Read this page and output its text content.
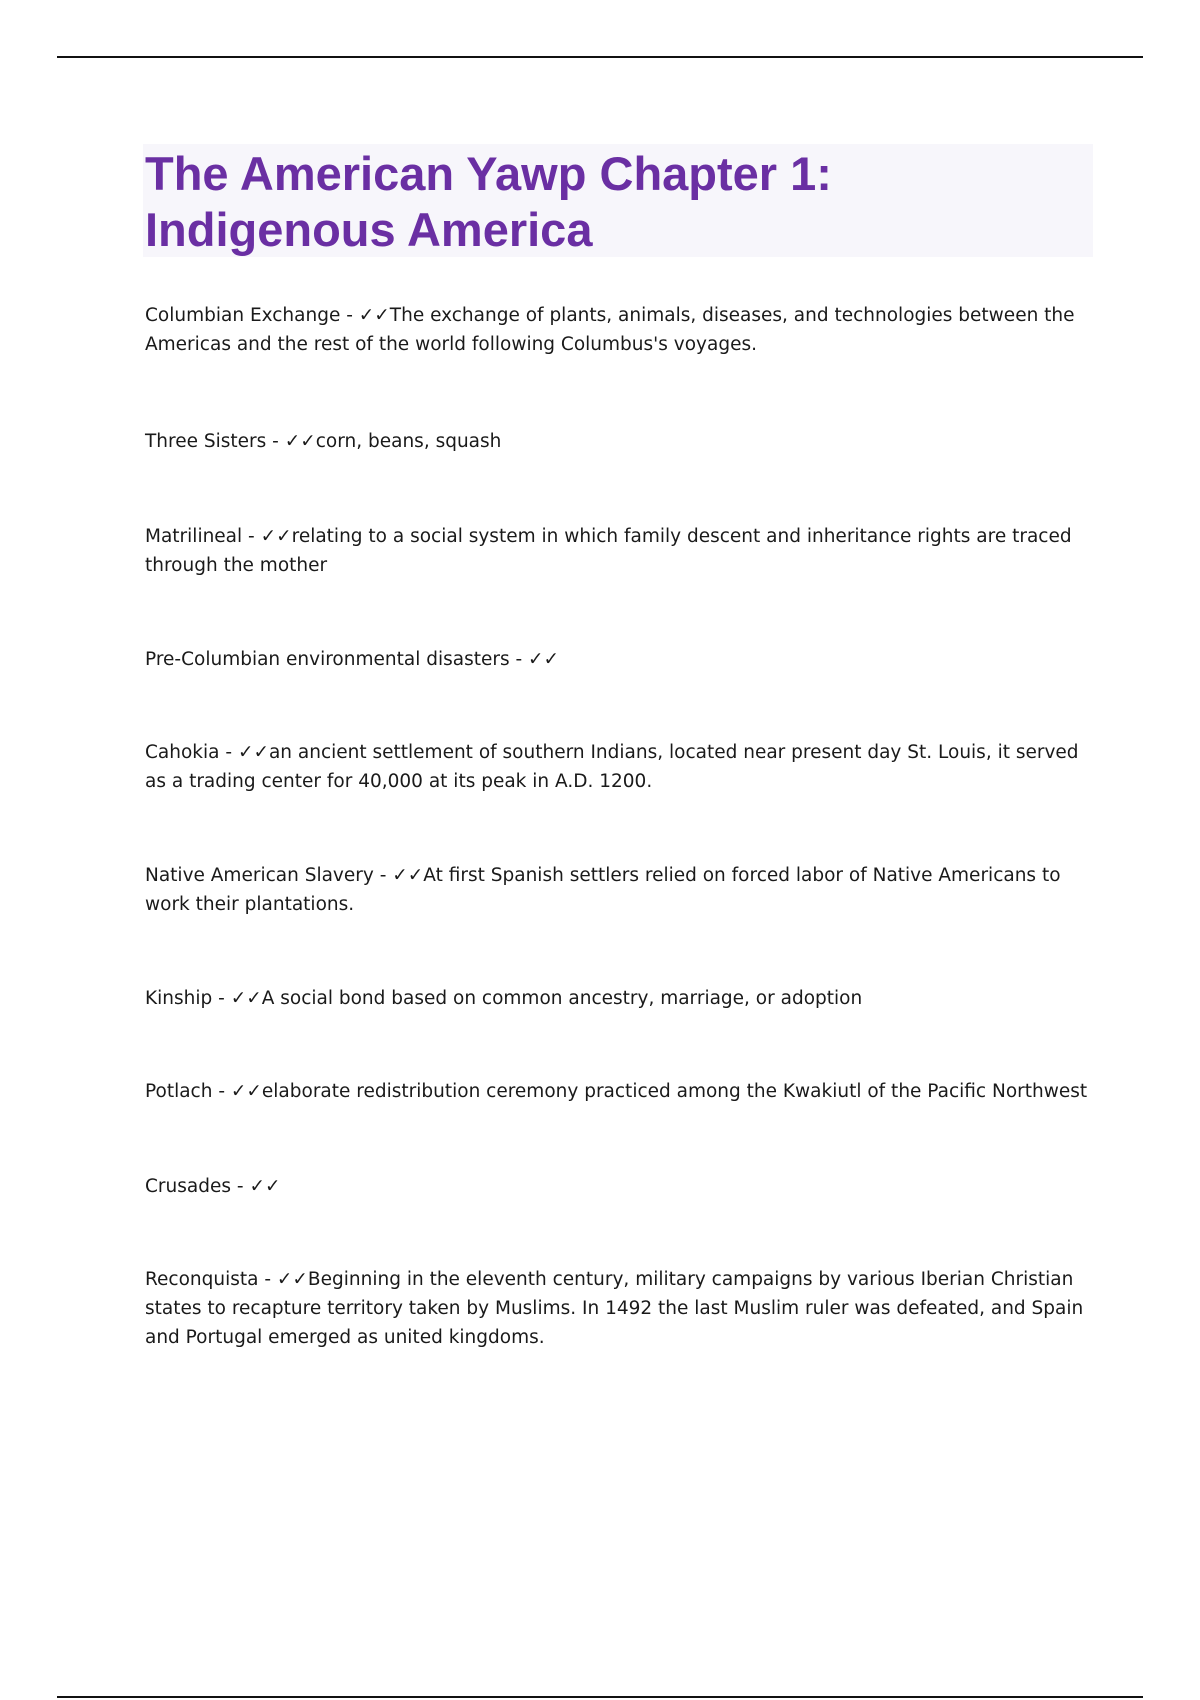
The American Yawp Chapter 1: Indigenous America

Columbian Exchange - ✓✓The exchange of plants, animals, diseases, and technologies between the Americas and the rest of the world following Columbus's voyages.

Three Sisters - ✓✓corn, beans, squash

Matrilineal - ✓✓relating to a social system in which family descent and inheritance rights are traced through the mother

Pre-Columbian environmental disasters - ✓✓

Cahokia - ✓✓an ancient settlement of southern Indians, located near present day St. Louis, it served as a trading center for 40,000 at its peak in A.D. 1200.

Native American Slavery - ✓✓At first Spanish settlers relied on forced labor of Native Americans to work their plantations.

Kinship - ✓✓A social bond based on common ancestry, marriage, or adoption

Potlach - ✓✓elaborate redistribution ceremony practiced among the Kwakiutl of the Pacific Northwest

Crusades - ✓✓

Reconquista - ✓✓Beginning in the eleventh century, military campaigns by various Iberian Christian states to recapture territory taken by Muslims. In 1492 the last Muslim ruler was defeated, and Spain and Portugal emerged as united kingdoms.
